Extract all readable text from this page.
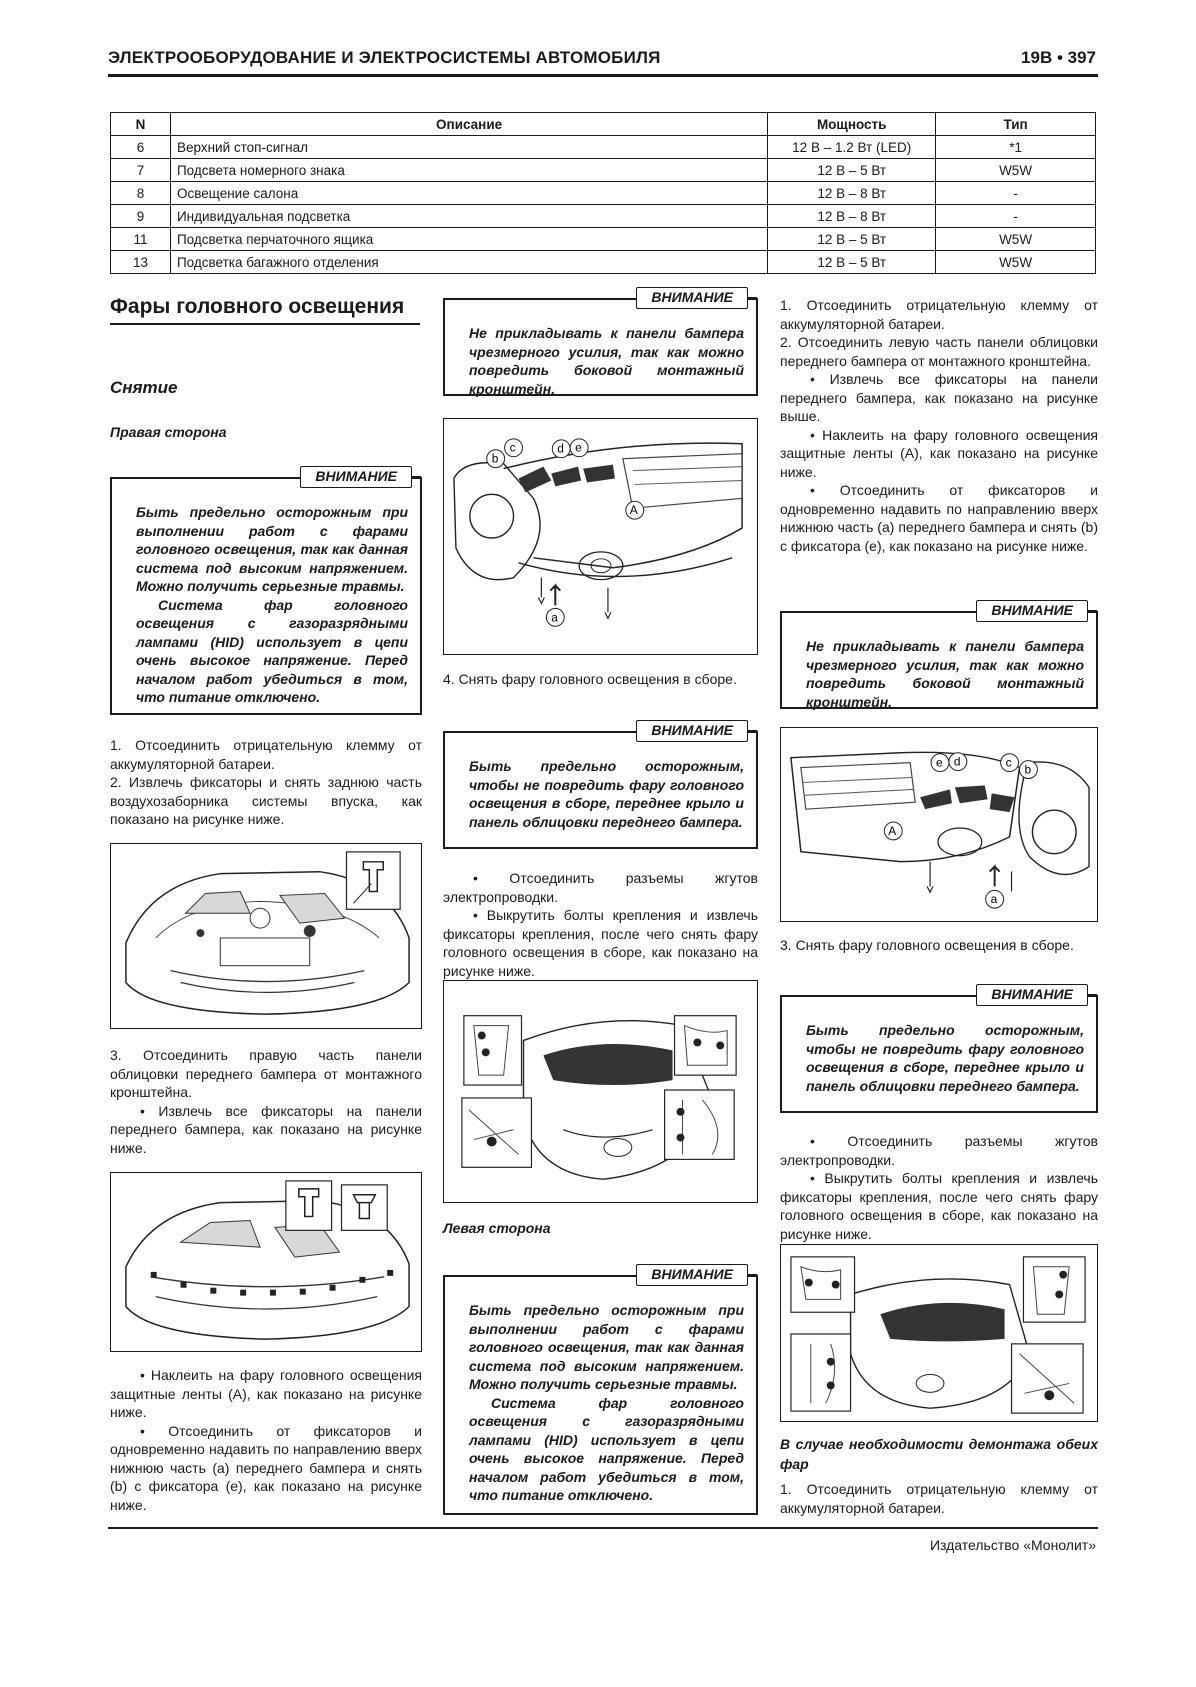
ЭЛЕКТРООБОРУДОВАНИЕ И ЭЛЕКТРОСИСТЕМЫ АВТОМОБИЛЯ	19B • 397
N	Описание	Мощность	Тип
6	Верхний стоп-сигнал	12 В – 1.2 Вт (LED)	*1
7	Подсвета номерного знака	12 В – 5 Вт	W5W
8	Освещение салона	12 В – 8 Вт	-
9	Индивидуальная подсветка	12 В – 8 Вт	-
11	Подсветка перчаточного ящика	12 В – 5 Вт	W5W
13	Подсветка багажного отделения	12 В – 5 Вт	W5W
Фары головного освещения
Снятие
Правая сторона
ВНИМАНИЕ

Быть предельно осторожным при выполнении работ с фарами головного освещения, так как данная система под высоким напряжением. Можно получить серьезные травмы.

Система фар головного освещения с газоразрядными лампами (HID) использует в цепи очень высокое напряжение. Перед началом работ убедиться в том, что питание отключено.

1. Отсоединить отрицательную клемму от аккумуляторной батареи.

2. Извлечь фиксаторы и снять заднюю часть воздухозаборника системы впуска, как показано на рисунке ниже.

3. Отсоединить правую часть панели облицовки переднего бампера от монтажного кронштейна.

• Извлечь все фиксаторы на панели переднего бампера, как показано на рисунке ниже.

• Наклеить на фару головного освещения защитные ленты (A), как показано на рисунке ниже.

• Отсоединить от фиксаторов и одновременно надавить по направлению вверх нижнюю часть (a) переднего бампера и снять (b) с фиксатора (e), как показано на рисунке ниже.

ВНИМАНИЕ

Не прикладывать к панели бампера чрезмерного усилия, так как можно повредить боковой монтажный кронштейн.

b
c	d e
A
a

4. Снять фару головного освещения в сборе.

ВНИМАНИЕ

Быть предельно осторожным, чтобы не повредить фару головного освещения в сборе, переднее крыло и панель облицовки переднего бампера.

• Отсоединить разъемы жгутов электропроводки.

• Выкрутить болты крепления и извлечь фиксаторы крепления, после чего снять фару головного освещения в сборе, как показано на рисунке ниже.

Левая сторона
ВНИМАНИЕ

Быть предельно осторожным при выполнении работ с фарами головного освещения, так как данная система под высоким напряжением. Можно получить серьезные травмы.

Система фар головного освещения с газоразрядными лампами (HID) использует в цепи очень высокое напряжение. Перед началом работ убедиться в том, что питание отключено.

1. Отсоединить отрицательную клемму от аккумуляторной батареи.

2. Отсоединить левую часть панели облицовки переднего бампера от монтажного кронштейна.

• Извлечь все фиксаторы на панели переднего бампера, как показано на рисунке выше.

• Наклеить на фару головного освещения защитные ленты (A), как показано на рисунке ниже.

• Отсоединить от фиксаторов и одновременно надавить по направлению вверх нижнюю часть (a) переднего бампера и снять (b) с фиксатора (e), как показано на рисунке ниже.

ВНИМАНИЕ

Не прикладывать к панели бампера чрезмерного усилия, так как можно повредить боковой монтажный кронштейн.

e d	c b
A
a

3. Снять фару головного освещения в сборе.

ВНИМАНИЕ

Быть предельно осторожным, чтобы не повредить фару головного освещения в сборе, переднее крыло и панель облицовки переднего бампера.

• Отсоединить разъемы жгутов электропроводки.

• Выкрутить болты крепления и извлечь фиксаторы крепления, после чего снять фару головного освещения в сборе, как показано на рисунке ниже.

В случае необходимости демонтажа обеих фар

1. Отсоединить отрицательную клемму от аккумуляторной батареи.

Издательство «Монолит»
